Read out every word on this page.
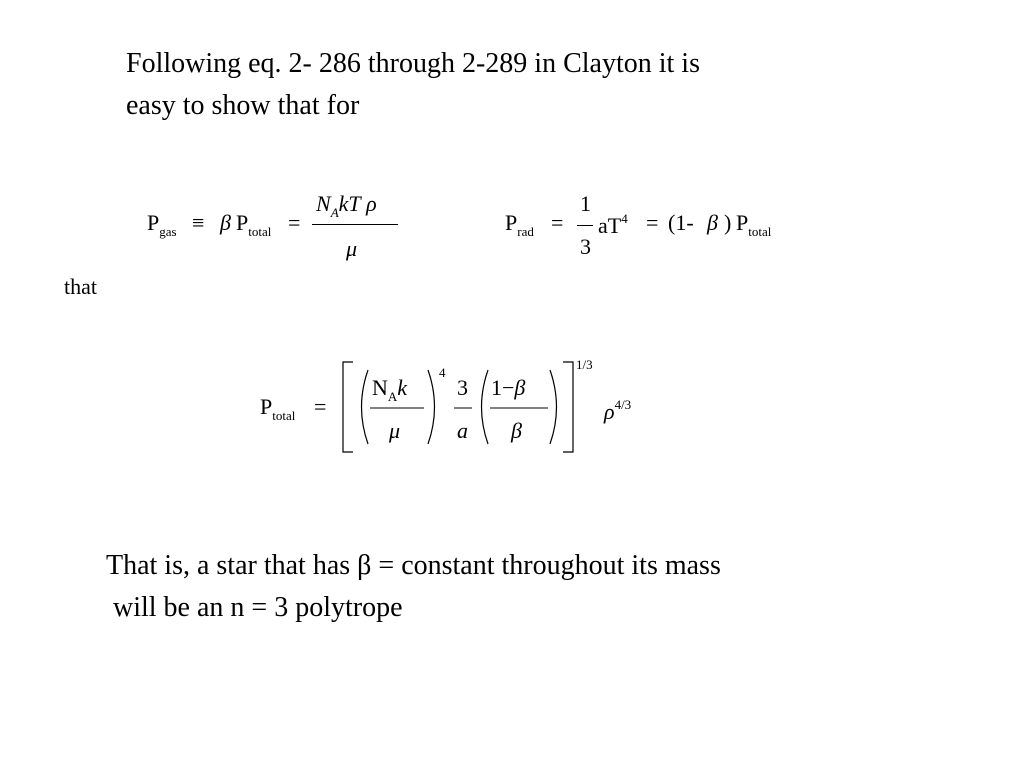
Following eq. 2- 286 through 2-289 in Clayton it is
easy to show that for
$P_{gas} \equiv \beta$ $P_{total}$ =
$N_AkT$ ρ
μ
$P_{rad}$ =
1
3
$aT^4 = (1-$ β ) $P_{total}$
that
$P_{total}$ =
$N_Ak$
μ
4
3
a
1−β
β
1/3
$\rho^{4/3}$
That is, a star that has β = constant throughout its mass
will be an n = 3 polytrope
